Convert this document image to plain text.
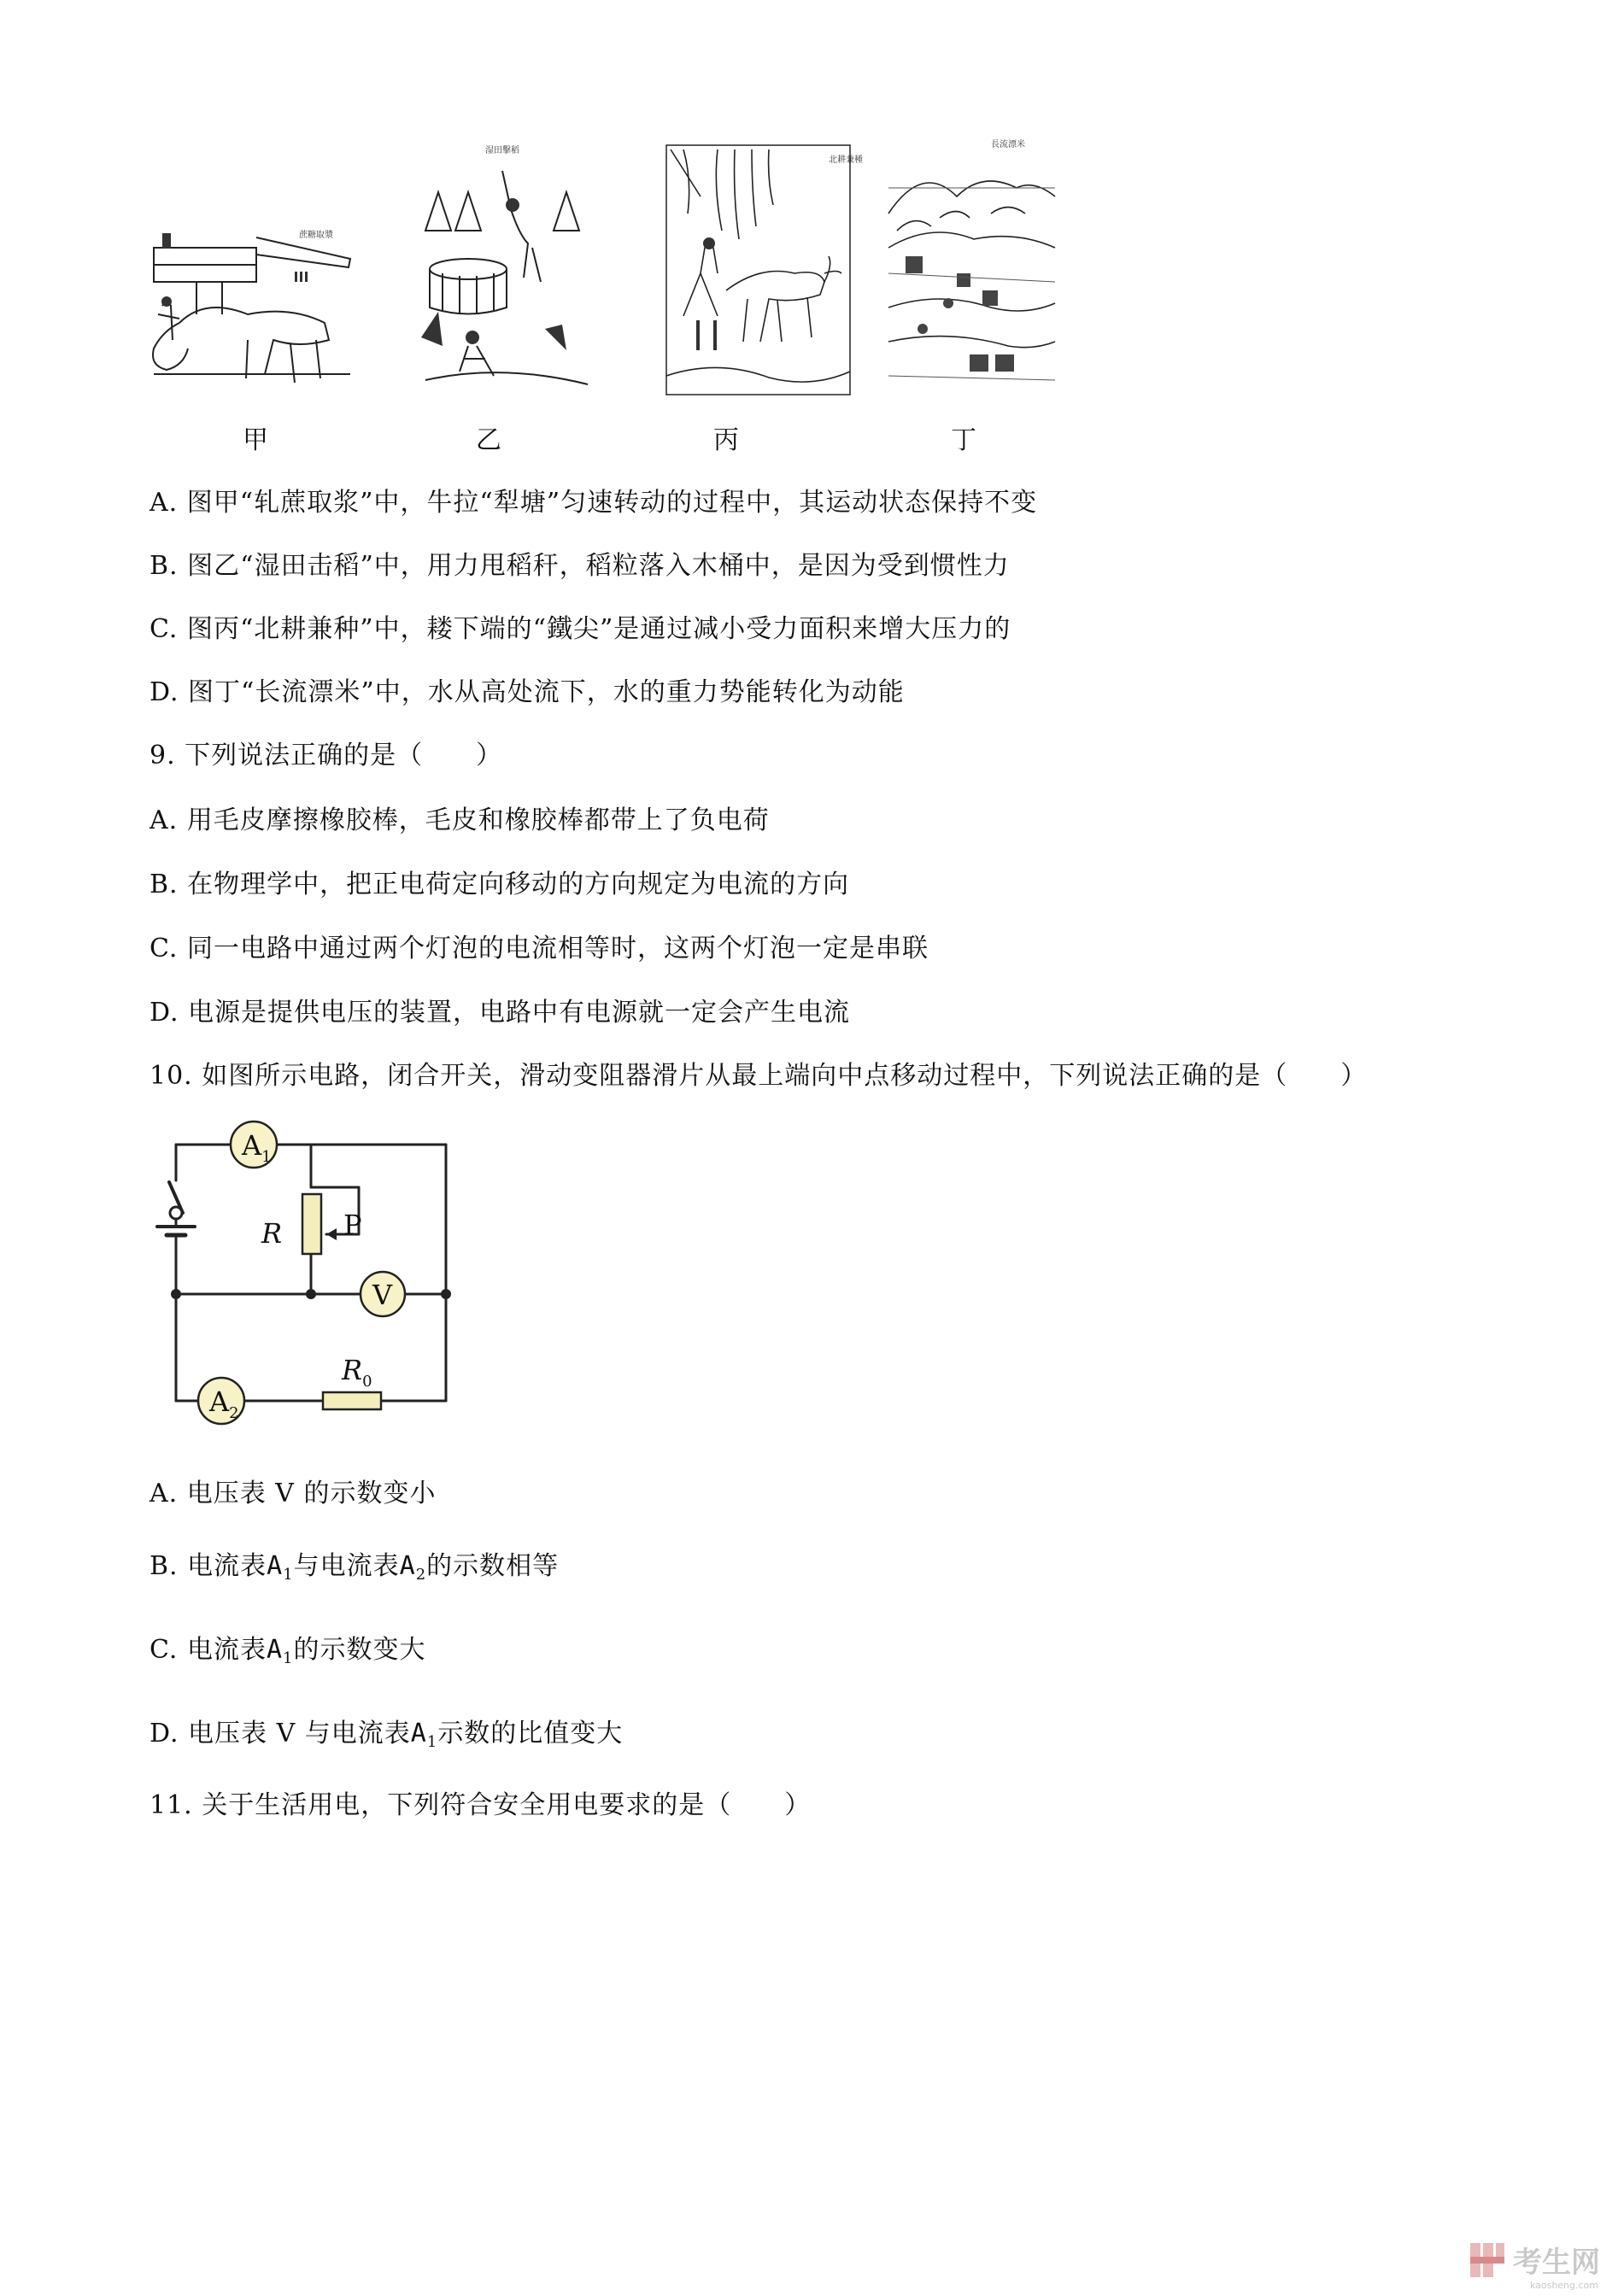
蔗糖取漿
湿田擊稻
北耕兼種
長流漂米
甲	乙	丙	丁
A. 图甲“轧蔗取浆”中，牛拉“犁塘”匀速转动的过程中，其运动状态保持不变
B. 图乙“湿田击稻”中，用力甩稻秆，稻粒落入木桶中，是因为受到惯性力
C. 图丙“北耕兼种”中，耧下端的“鐵尖”是通过减小受力面积来增大压力的
D. 图丁“长流漂米”中，水从高处流下，水的重力势能转化为动能
9. 下列说法正确的是（　　）
A. 用毛皮摩擦橡胶棒，毛皮和橡胶棒都带上了负电荷
B. 在物理学中，把正电荷定向移动的方向规定为电流的方向
C. 同一电路中通过两个灯泡的电流相等时，这两个灯泡一定是串联
D. 电源是提供电压的装置，电路中有电源就一定会产生电流
10. 如图所示电路，闭合开关，滑动变阻器滑片从最上端向中点移动过程中，下列说法正确的是（　　）
$A_1$
V
$A_2$
R P
$R_0$
A. 电压表 V 的示数变小
B. 电流表$A_1$与电流表$A_2$的示数相等
C. 电流表$A_1$的示数变大
D. 电压表 V 与电流表$A_1$示数的比值变大
11. 关于生活用电，下列符合安全用电要求的是（　　）
考生网
kaosheng.com
